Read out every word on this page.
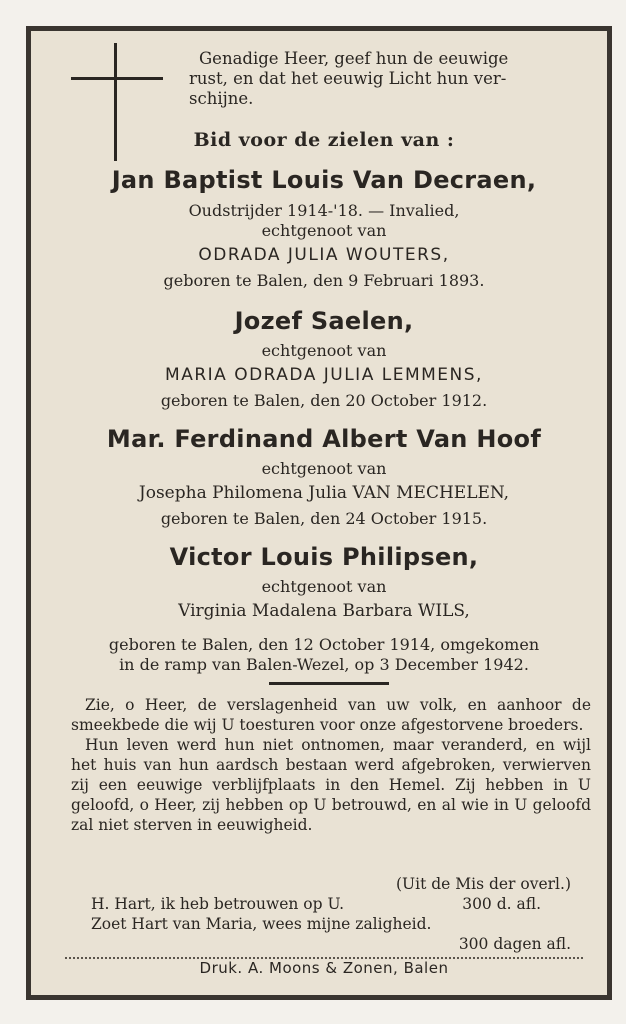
Genadige Heer, geef hun de eeuwige
rust, en dat het eeuwig Licht hun ver-
schijne.
Bid voor de zielen van :
Jan Baptist Louis Van Decraen,
Oudstrijder 1914-'18. — Invalied,
echtgenoot van
ODRADA JULIA WOUTERS,
geboren te Balen, den 9 Februari 1893.
Jozef Saelen,
echtgenoot van
MARIA ODRADA JULIA LEMMENS,
geboren te Balen, den 20 October 1912.
Mar. Ferdinand Albert Van Hoof
echtgenoot van
Josepha Philomena Julia VAN MECHELEN,
geboren te Balen, den 24 October 1915.
Victor Louis Philipsen,
echtgenoot van
Virginia Madalena Barbara WILS,
geboren te Balen, den 12 October 1914, omgekomen
in de ramp van Balen-Wezel, op 3 December 1942.

Zie, o Heer, de verslagenheid van uw volk, en aanhoor de smeekbede die wij U toesturen voor onze afgestorvene broeders.

Hun leven werd hun niet ontnomen, maar veranderd, en wijl het huis van hun aardsch bestaan werd afgebroken, verwierven zij een eeuwige verblijfplaats in den Hemel. Zij hebben in U geloofd, o Heer, zij hebben op U betrouwd, en al wie in U geloofd zal niet sterven in eeuwigheid.

(Uit de Mis der overl.)
H. Hart, ik heb betrouwen op U.	300 d. afl.
Zoet Hart van Maria, wees mijne zaligheid.
300 dagen afl.
Druk. A. Moons & Zonen, Balen
